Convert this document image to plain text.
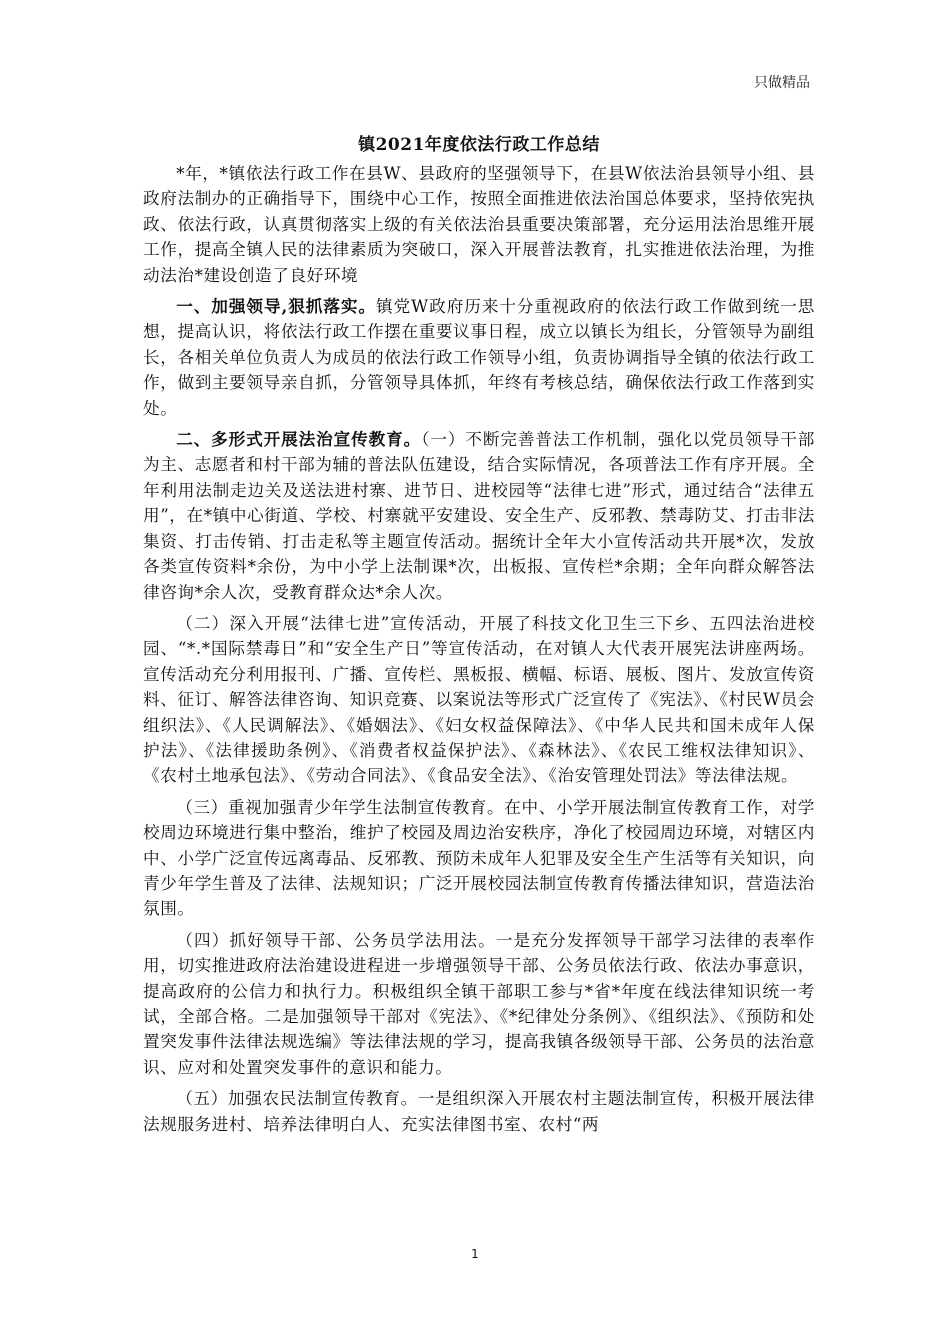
只做精品
镇2021年度依法行政工作总结

*年，*镇依法行政工作在县W、县政府的坚强领导下，在县W依法治县领导小组、县政府法制办的正确指导下，围绕中心工作，按照全面推进依法治国总体要求，坚持依宪执政、依法行政，认真贯彻落实上级的有关依法治县重要决策部署，充分运用法治思维开展工作，提高全镇人民的法律素质为突破口，深入开展普法教育，扎实推进依法治理，为推动法治*建设创造了良好环境

一、加强领导,狠抓落实。镇党W政府历来十分重视政府的依法行政工作做到统一思想，提高认识，将依法行政工作摆在重要议事日程，成立以镇长为组长，分管领导为副组长，各相关单位负责人为成员的依法行政工作领导小组，负责协调指导全镇的依法行政工作，做到主要领导亲自抓，分管领导具体抓，年终有考核总结，确保依法行政工作落到实处。

二、多形式开展法治宣传教育。（一）不断完善普法工作机制，强化以党员领导干部为主、志愿者和村干部为辅的普法队伍建设，结合实际情况，各项普法工作有序开展。全年利用法制走边关及送法进村寨、进节日、进校园等“法律七进”形式，通过结合“法律五用”，在*镇中心街道、学校、村寨就平安建设、安全生产、反邪教、禁毒防艾、打击非法集资、打击传销、打击走私等主题宣传活动。据统计全年大小宣传活动共开展*次，发放各类宣传资料*余份，为中小学上法制课*次，出板报、宣传栏*余期；全年向群众解答法律咨询*余人次，受教育群众达*余人次。

（二）深入开展“法律七进”宣传活动，开展了科技文化卫生三下乡、五四法治进校园、“*.*国际禁毒日”和“安全生产日”等宣传活动，在对镇人大代表开展宪法讲座两场。宣传活动充分利用报刊、广播、宣传栏、黑板报、横幅、标语、展板、图片、发放宣传资料、征订、解答法律咨询、知识竞赛、以案说法等形式广泛宣传了《宪法》、《村民W员会组织法》、《人民调解法》、《婚姻法》、《妇女权益保障法》、《中华人民共和国未成年人保护法》、《法律援助条例》、《消费者权益保护法》、《森林法》、《农民工维权法律知识》、《农村土地承包法》、《劳动合同法》、《食品安全法》、《治安管理处罚法》等法律法规。

（三）重视加强青少年学生法制宣传教育。在中、小学开展法制宣传教育工作，对学校周边环境进行集中整治，维护了校园及周边治安秩序，净化了校园周边环境，对辖区内中、小学广泛宣传远离毒品、反邪教、预防未成年人犯罪及安全生产生活等有关知识，向青少年学生普及了法律、法规知识；广泛开展校园法制宣传教育传播法律知识，营造法治氛围。

（四）抓好领导干部、公务员学法用法。一是充分发挥领导干部学习法律的表率作用，切实推进政府法治建设进程进一步增强领导干部、公务员依法行政、依法办事意识，提高政府的公信力和执行力。积极组织全镇干部职工参与*省*年度在线法律知识统一考试，全部合格。二是加强领导干部对《宪法》、《*纪律处分条例》、《组织法》、《预防和处置突发事件法律法规选编》等法律法规的学习，提高我镇各级领导干部、公务员的法治意识、应对和处置突发事件的意识和能力。

（五）加强农民法制宣传教育。一是组织深入开展农村主题法制宣传，积极开展法律法规服务进村、培养法律明白人、充实法律图书室、农村“两

1
